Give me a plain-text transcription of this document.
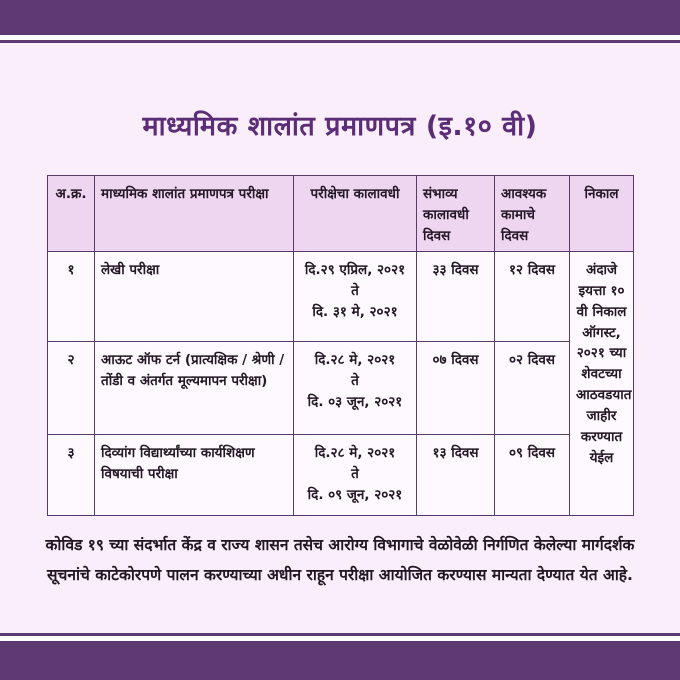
माध्यमिक शालांत प्रमाणपत्र (इ.१० वी)
अ.क्र.	माध्यमिक शालांत प्रमाणपत्र परीक्षा	परीक्षेचा कालावधी	संभाव्य कालावधी दिवस	आवश्यक कामाचे दिवस	निकाल
१	लेखी परीक्षा	दि.२९ एप्रिल, २०२१
ते
दि. ३१ मे, २०२१	३३ दिवस	१२ दिवस	अंदाजे इयत्ता १० वी निकाल ऑगस्ट, २०२१ च्या शेवटच्या आठवडयात जाहीर करण्यात येईल
२	आऊट ऑफ टर्न (प्रात्यक्षिक / श्रेणी / तोंडी व अंतर्गत मूल्यमापन परीक्षा)	दि.२८ मे, २०२१
ते
दि. ०३ जून, २०२१	०७ दिवस	०२ दिवस	
३	दिव्यांग विद्यार्थ्यांच्या कार्यशिक्षण विषयाची परीक्षा	दि.२८ मे, २०२१
ते
दि. ०९ जून, २०२१	१३ दिवस	०९ दिवस	

कोविड १९ च्या संदर्भात केंद्र व राज्य शासन तसेच आरोग्य विभागाचे वेळोवेळी निर्गणित केलेल्या मार्गदर्शक सूचनांचे काटेकोरपणे पालन करण्याच्या अधीन राहून परीक्षा आयोजित करण्यास मान्यता देण्यात येत आहे.
